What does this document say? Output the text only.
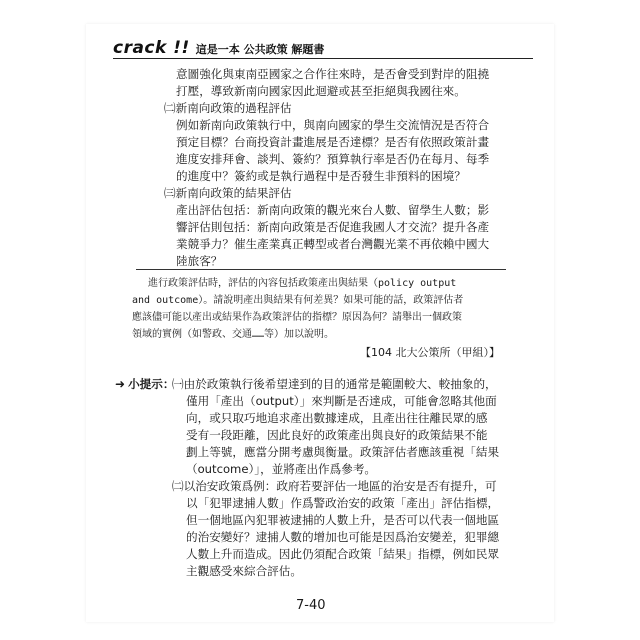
crack !! 這是一本 公共政策 解題書
意圖強化與東南亞國家之合作往來時，是否會受到對岸的阻撓
打壓，導致新南向國家因此迴避或甚至拒絕與我國往來。
㈡新南向政策的過程評估
例如新南向政策執行中，與南向國家的學生交流情況是否符合
預定目標？台商投資計畫進展是否達標？是否有依照政策計畫
進度安排拜會、談判、簽約？預算執行率是否仍在每月、每季
的進度中？簽約或是執行過程中是否發生非預料的困境？
㈢新南向政策的結果評估
產出評估包括：新南向政策的觀光來台人數、留學生人數；影
響評估則包括：新南向政策是否促進我國人才交流？提升各產
業競爭力？催生產業真正轉型或者台灣觀光業不再依賴中國大
陸旅客？
進行政策評估時，評估的內容包括政策產出與結果（policy output
and outcome）。請說明產出與結果有何差異？如果可能的話，政策評估者
應該儘可能以產出或結果作為政策評估的指標？原因為何？請舉出一個政策
領域的實例（如警政、交通……等）加以說明。
【104 北大公策所（甲組）】
➜ 小提示：
㈠由於政策執行後希望達到的目的通常是範圍較大、較抽象的，
僅用「產出（output）」來判斷是否達成，可能會忽略其他面
向，或只取巧地追求產出數據達成，且產出往往離民眾的感
受有一段距離，因此良好的政策產出與良好的政策結果不能
劃上等號，應當分開考慮與衡量。政策評估者應該重視「結果
（outcome）」，並將產出作爲參考。
㈡以治安政策爲例：政府若要評估一地區的治安是否有提升，可
以「犯罪逮捕人數」作爲警政治安的政策「產出」評估指標，
但一個地區內犯罪被逮捕的人數上升，是否可以代表一個地區
的治安變好？逮捕人數的增加也可能是因爲治安變差，犯罪總
人數上升而造成。因此仍須配合政策「結果」指標，例如民眾
主觀感受來綜合評估。
7-40
